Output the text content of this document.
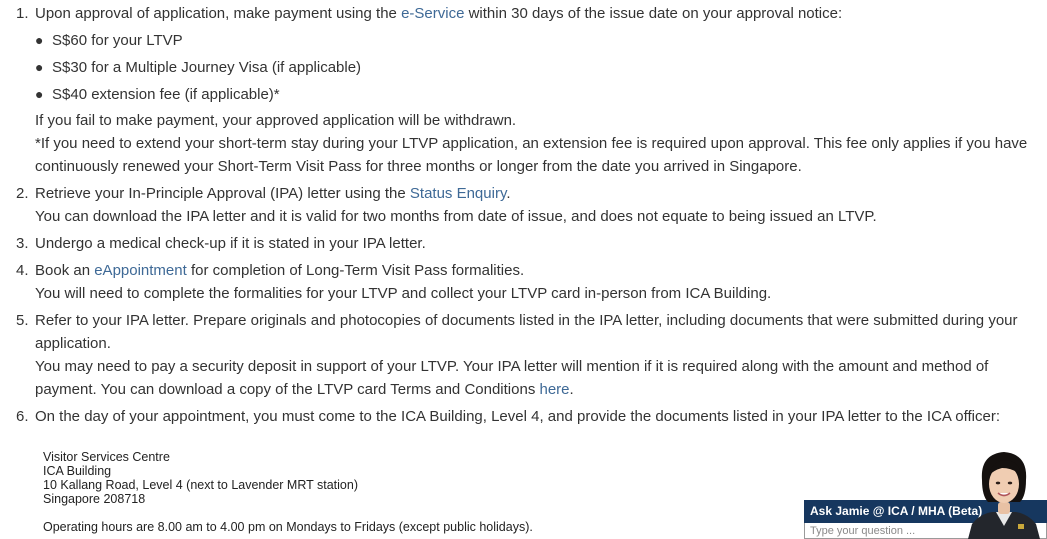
1. Upon approval of application, make payment using the e-Service within 30 days of the issue date on your approval notice:

● S$60 for your LTVP
● S$30 for a Multiple Journey Visa (if applicable)
● S$40 extension fee (if applicable)*

If you fail to make payment, your approved application will be withdrawn.

*If you need to extend your short-term stay during your LTVP application, an extension fee is required upon approval. This fee only applies if you have continuously renewed your Short-Term Visit Pass for three months or longer from the date you arrived in Singapore.

2. Retrieve your In-Principle Approval (IPA) letter using the Status Enquiry.

You can download the IPA letter and it is valid for two months from date of issue, and does not equate to being issued an LTVP.

3. Undergo a medical check-up if it is stated in your IPA letter.

4. Book an eAppointment for completion of Long-Term Visit Pass formalities.

You will need to complete the formalities for your LTVP and collect your LTVP card in-person from ICA Building.

5. Refer to your IPA letter. Prepare originals and photocopies of documents listed in the IPA letter, including documents that were submitted during your application.

You may need to pay a security deposit in support of your LTVP. Your IPA letter will mention if it is required along with the amount and method of payment. You can download a copy of the LTVP card Terms and Conditions here.

6. On the day of your appointment, you must come to the ICA Building, Level 4, and provide the documents listed in your IPA letter to the ICA officer:

Visitor Services Centre
ICA Building
10 Kallang Road, Level 4 (next to Lavender MRT station)
Singapore 208718
Operating hours are 8.00 am to 4.00 pm on Mondays to Fridays (except public holidays).
Ask Jamie @ ICA / MHA (Beta)
Type your question ...
